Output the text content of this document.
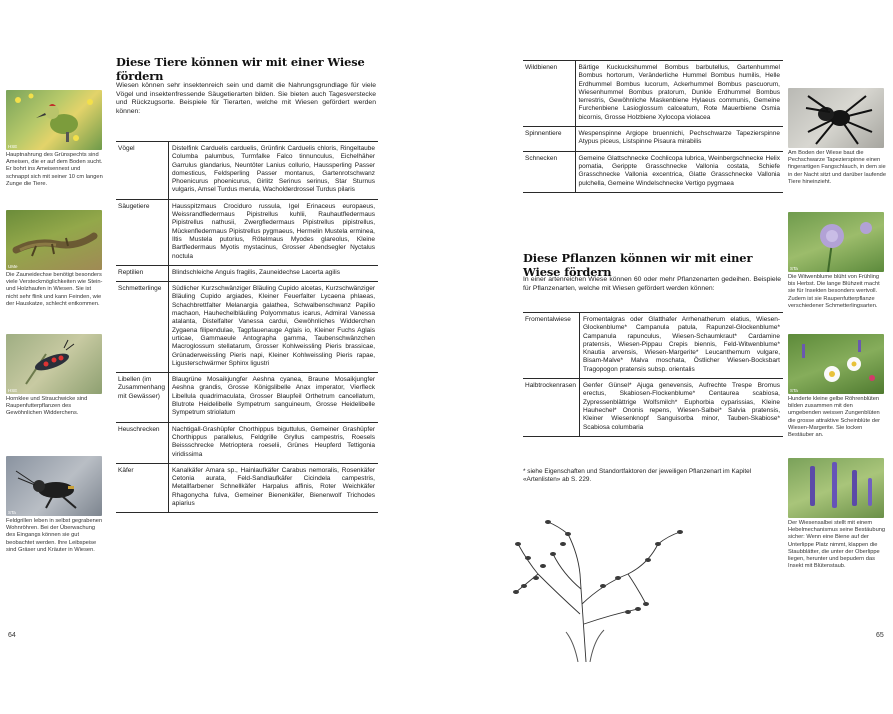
Diese Tiere können wir mit einer Wiese fördern

Wiesen können sehr insektenreich sein und damit die Nahrungsgrundlage für viele Vögel und insektenfressende Säugetierarten bilden. Sie bieten auch Tagesverstecke und Rückzugsorte. Beispiele für Tierarten, welche mit Wiesen gefördert werden können:

Vögel	Distelfink Carduelis carduelis, Grünfink Carduelis chloris, Ringeltaube Columba palumbus, Turmfalke Falco tinnunculus, Eichelhäher Garrulus glandarius, Neuntöter Lanius collurio, Haussperling Passer domesticus, Feldsperling Passer montanus, Gartenrotschwanz Phoenicurus phoenicurus, Girlitz Serinus serinus, Star Sturnus vulgaris, Amsel Turdus merula, Wacholderdrossel Turdus pilaris
Säugetiere	Hausspitzmaus Crociduro russula, Igel Erinaceus europaeus, Weissrandfledermaus Pipistrellus kuhlii, Rauhautfledermaus Pipistrellus nathusii, Zwergfledermaus Pipistrellus pipistrellus, Mückenfledermaus Pipistrellus pygmaeus, Hermelin Mustela erminea, Iltis Mustela putorius, Rötelmaus Myodes glareolus, Kleine Bartfledermaus Myotis mystacinus, Grosser Abendsegler Nyctalus noctula
Reptilien	Blindschleiche Anguis fragilis, Zauneidechse Lacerta agilis
Schmetterlinge	Südlicher Kurzschwänziger Bläuling Cupido alcetas, Kurzschwänziger Bläuling Cupido argiades, Kleiner Feuerfalter Lycaena phlaeas, Schachbrettfalter Melanargia galathea, Schwalbenschwanz Papilio machaon, Hauhechelbläuling Polyommatus icarus, Admiral Vanessa atalanta, Distelfalter Vanessa cardui, Gewöhnliches Widderchen Zygaena filipendulae, Tagpfauenauge Aglais io, Kleiner Fuchs Aglais urticae, Gammaeule Antographa gamma, Taubenschwänzchen Macroglossum stellatarum, Grosser Kohlweissling Pieris brassicae, Grünaderweissling Pieris napi, Kleiner Kohlweissling Pieris rapae, Ligusterschwärmer Sphinx ligustri
Libellen (im Zusammenhang mit Gewässer)	Blaugrüne Mosaikjungfer Aeshna cyanea, Braune Mosaikjungfer Aeshna grandis, Grosse Königslibelle Anax imperator, Vierfleck Libellula quadrimaculata, Grosser Blaupfeil Orthetrum cancellatum, Blutrote Heidelibelle Sympetrum sanguineum, Grosse Heidelibelle Sympetrum striolatum
Heuschrecken	Nachtigall-Grashüpfer Chorthippus biguttulus, Gemeiner Grashüpfer Chorthippus parallelus, Feldgrille Gryllus campestris, Roesels Beissschrecke Metrioptera roeselii, Grünes Heupferd Tettigonia viridissima
Käfer	Kanalkäfer Amara sp., Hainlaufkäfer Carabus nemoralis, Rosenkäfer Cetonia aurata, Feld-Sandlaufkäfer Cicindela campestris, Metallfarbener Schnellkäfer Harpalus affinis, Roter Weichkäfer Rhagonycha fulva, Gemeiner Bienenkäfer, Bienenwolf Trichodes apiarius
64
HSE

Hauptnahrung des Grünspechts sind Ameisen, die er auf dem Boden sucht. Er bohrt ins Ameisennest und schnappt sich mit seiner 10 cm langen Zunge die Tiere.

UMe

Die Zauneidechse benötigt besonders viele Versteckmöglichkeiten wie Stein- und Holzhaufen in Wiesen. Sie ist nicht sehr flink und kann Feinden, wie der Hauskatze, schlecht entkommen.

HSE

Hornklee und Strauchwicke sind Raupenfutterpflanzen des Gewöhnlichen Widderchens.

STa

Feldgrillen leben in selbst gegrabenen Wohnröhren. Bei der Überwachung des Eingangs können sie gut beobachtet werden. Ihre Leibspeise sind Gräser und Kräuter in Wiesen.

Wildbienen	Bärtige Kuckuckshummel Bombus barbutellus, Gartenhummel Bombus hortorum, Veränderliche Hummel Bombus humilis, Helle Erdhummel Bombus lucorum, Ackerhummel Bombus pascuorum, Wiesenhummel Bombus pratorum, Dunkle Erdhummel Bombus terrestris, Gewöhnliche Maskenbiene Hylaeus communis, Gemeine Furchenbiene Lasioglossum calceatum, Rote Mauerbiene Osmia bicornis, Grosse Holzbiene Xylocopa violacea
Spinnentiere	Wespenspinne Argiope bruennichi, Pechschwarze Tapezierspinne Atypus piceus, Listspinne Pisaura mirabilis
Schnecken	Gemeine Glattschnecke Cochlicopa lubrica, Weinbergschnecke Helix pomatia, Gerippte Grasschnecke Vallonia costata, Schiefe Grasschnecke Vallonia excentrica, Glatte Grasschnecke Vallonia pulchella, Gemeine Windelschnecke Vertigo pygmaea
Diese Pflanzen können wir mit einer Wiese fördern

In einer artenreichen Wiese können 60 oder mehr Pflanzenarten gedeihen. Beispiele für Pflanzenarten, welche mit Wiesen gefördert werden können:

Fromentalwiese	Fromentalgras oder Glatthafer Arrhenatherum elatius, Wiesen-Glockenblume* Campanula patula, Rapunzel-Glockenblume* Campanula rapunculus, Wiesen-Schaumkraut* Cardamine pratensis, Wiesen-Pippau Crepis biennis, Feld-Witwenblume* Knautia arvensis, Wiesen-Margerite* Leucanthemum vulgare, Bisam-Malve* Malva moschata, Östlicher Wiesen-Bocksbart Tragopogon pratensis subsp. orientalis
Halbtrockenrasen	Genfer Günsel* Ajuga genevensis, Aufrechte Trespe Bromus erectus, Skabiosen-Flockenblume* Centaurea scabiosa, Zypressenblättrige Wolfsmilch* Euphorbia cyparissias, Kleine Hauhechel* Ononis repens, Wiesen-Salbei* Salvia pratensis, Kleiner Wiesenknopf Sanguisorba minor, Tauben-Skabiose* Scabiosa columbaria

* siehe Eigenschaften und Standortfaktoren der jeweiligen Pflanzenart im Kapitel «Artenlisten» ab S. 229.

65

Am Boden der Wiese baut die Pechschwarze Tapezierspinne einen fingerartigen Fangschlauch, in dem sie in der Nacht sitzt und darüber laufende Tiere hineinzieht.

STa

Die Witwenblume blüht von Frühling bis Herbst. Die lange Blühzeit macht sie für Insekten besonders wertvoll. Zudem ist sie Raupenfutterpflanze verschiedener Schmetterlingsarten.

STa

Hunderte kleine gelbe Röhrenblüten bilden zusammen mit den umgebenden weissen Zungenblüten die grosse attraktive Scheinblüte der Wiesen-Margerite. Sie locken Bestäuber an.

Der Wiesensalbei stellt mit einem Hebelmechanismus seine Bestäubung sicher: Wenn eine Biene auf der Unterlippe Platz nimmt, klappen die Staubblätter, die unter der Oberlippe liegen, herunter und bepudern das Insekt mit Blütenstaub.
